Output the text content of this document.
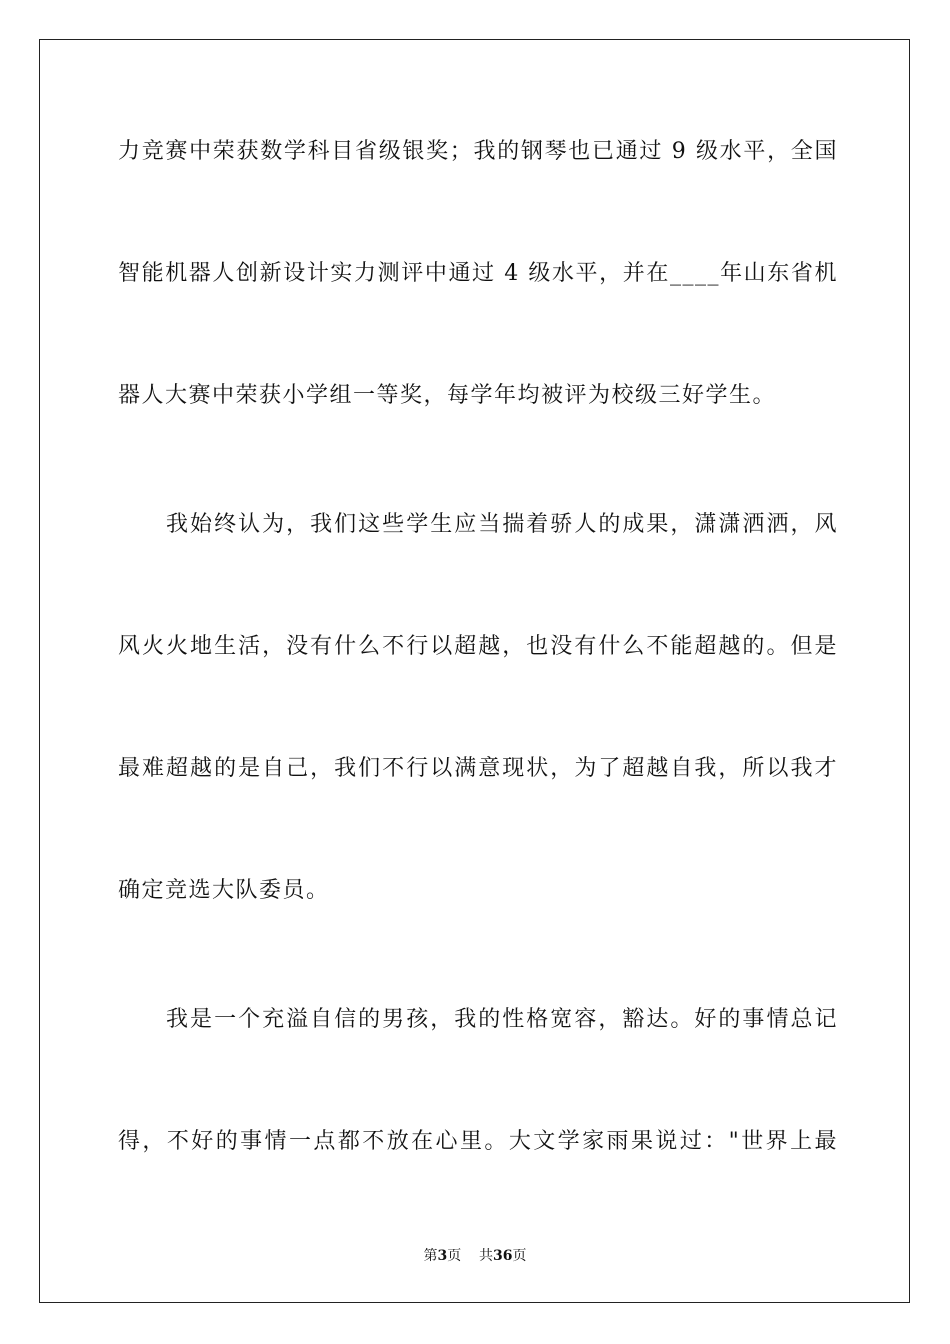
力竞赛中荣获数学科目省级银奖；我的钢琴也已通过 9 级水平，全国
智能机器人创新设计实力测评中通过 4 级水平，并在____年山东省机
器人大赛中荣获小学组一等奖，每学年均被评为校级三好学生。
　　我始终认为，我们这些学生应当揣着骄人的成果，潇潇洒洒，风
风火火地生活，没有什么不行以超越，也没有什么不能超越的。但是
最难超越的是自己，我们不行以满意现状，为了超越自我，所以我才
确定竞选大队委员。
　　我是一个充溢自信的男孩，我的性格宽容，豁达。好的事情总记
得，不好的事情一点都不放在心里。大文学家雨果说过："世界上最
第3页 共36页
